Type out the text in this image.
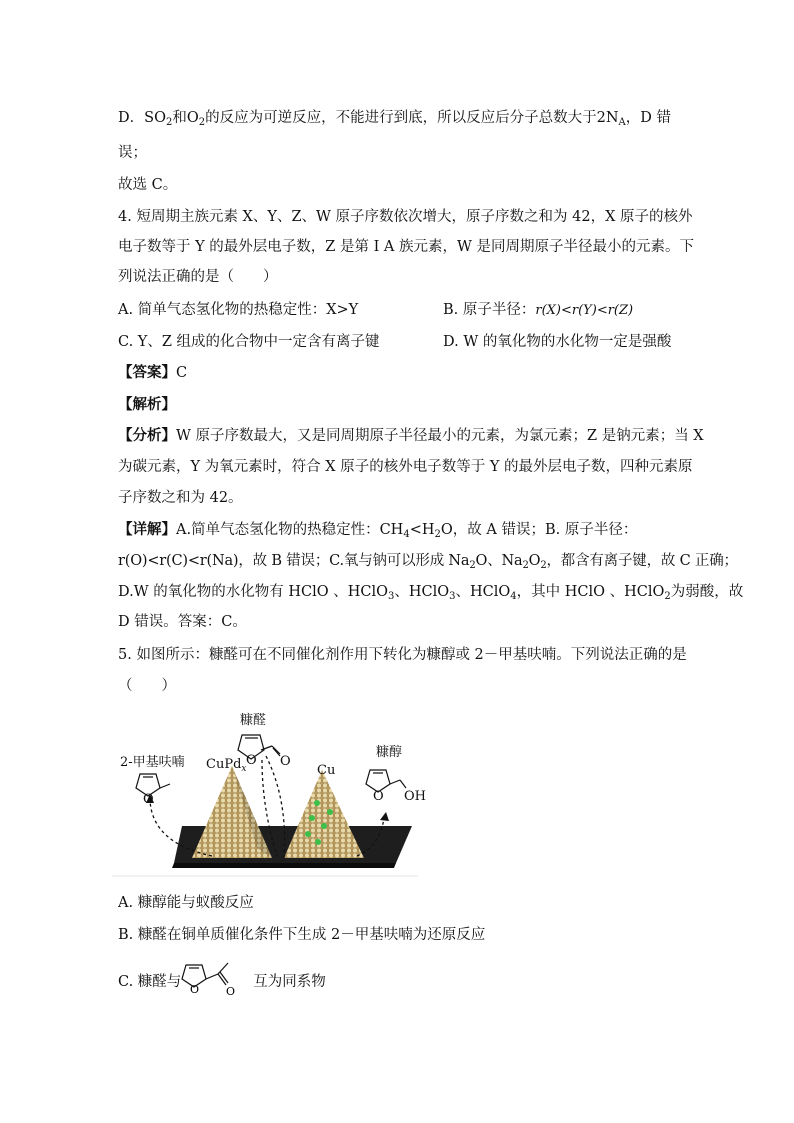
D．$SO_2$和$O_2$的反应为可逆反应，不能进行到底，所以反应后分子总数大于$2N_A$，D 错
误；
故选 C。
4. 短周期主族元素 X、Y、Z、W 原子序数依次增大，原子序数之和为 42，X 原子的核外
电子数等于 Y 的最外层电子数，Z 是第 I A 族元素，W 是同周期原子半径最小的元素。下
列说法正确的是（　　）
A. 简单气态氢化物的热稳定性：X>Y	B. 原子半径：r(X)<r(Y)<r(Z)
C. Y、Z 组成的化合物中一定含有离子键	D. W 的氧化物的水化物一定是强酸
【答案】C
【解析】
【分析】W 原子序数最大，又是同周期原子半径最小的元素，为氯元素；Z 是钠元素；当 X
为碳元素，Y 为氧元素时，符合 X 原子的核外电子数等于 Y 的最外层电子数，四种元素原
子序数之和为 42。
【详解】A.简单气态氢化物的热稳定性：$CH_4<H_2O$，故 A 错误；B. 原子半径：
r(O)<r(C)<r(Na)，故 B 错误；C.氧与钠可以形成 $Na_2O$、$Na_2O_2$，都含有离子键，故 C 正确；
D.W 的氧化物的水化物有 HClO 、HClO$_3$、HClO$_3$、HClO$_4$，其中 HClO 、HClO$_2$为弱酸，故
D 错误。答案：C。
5. 如图所示：糠醛可在不同催化剂作用下转化为糠醇或 2－甲基呋喃。下列说法正确的是
（　　）
糠醛
2-甲基呋喃 CuPd$_x$	Cu
糠醇
O O
O	O OH
A. 糠醇能与蚁酸反应
B. 糠醛在铜单质催化条件下生成 2－甲基呋喃为还原反应
C. 糠醛与	互为同系物
O O
